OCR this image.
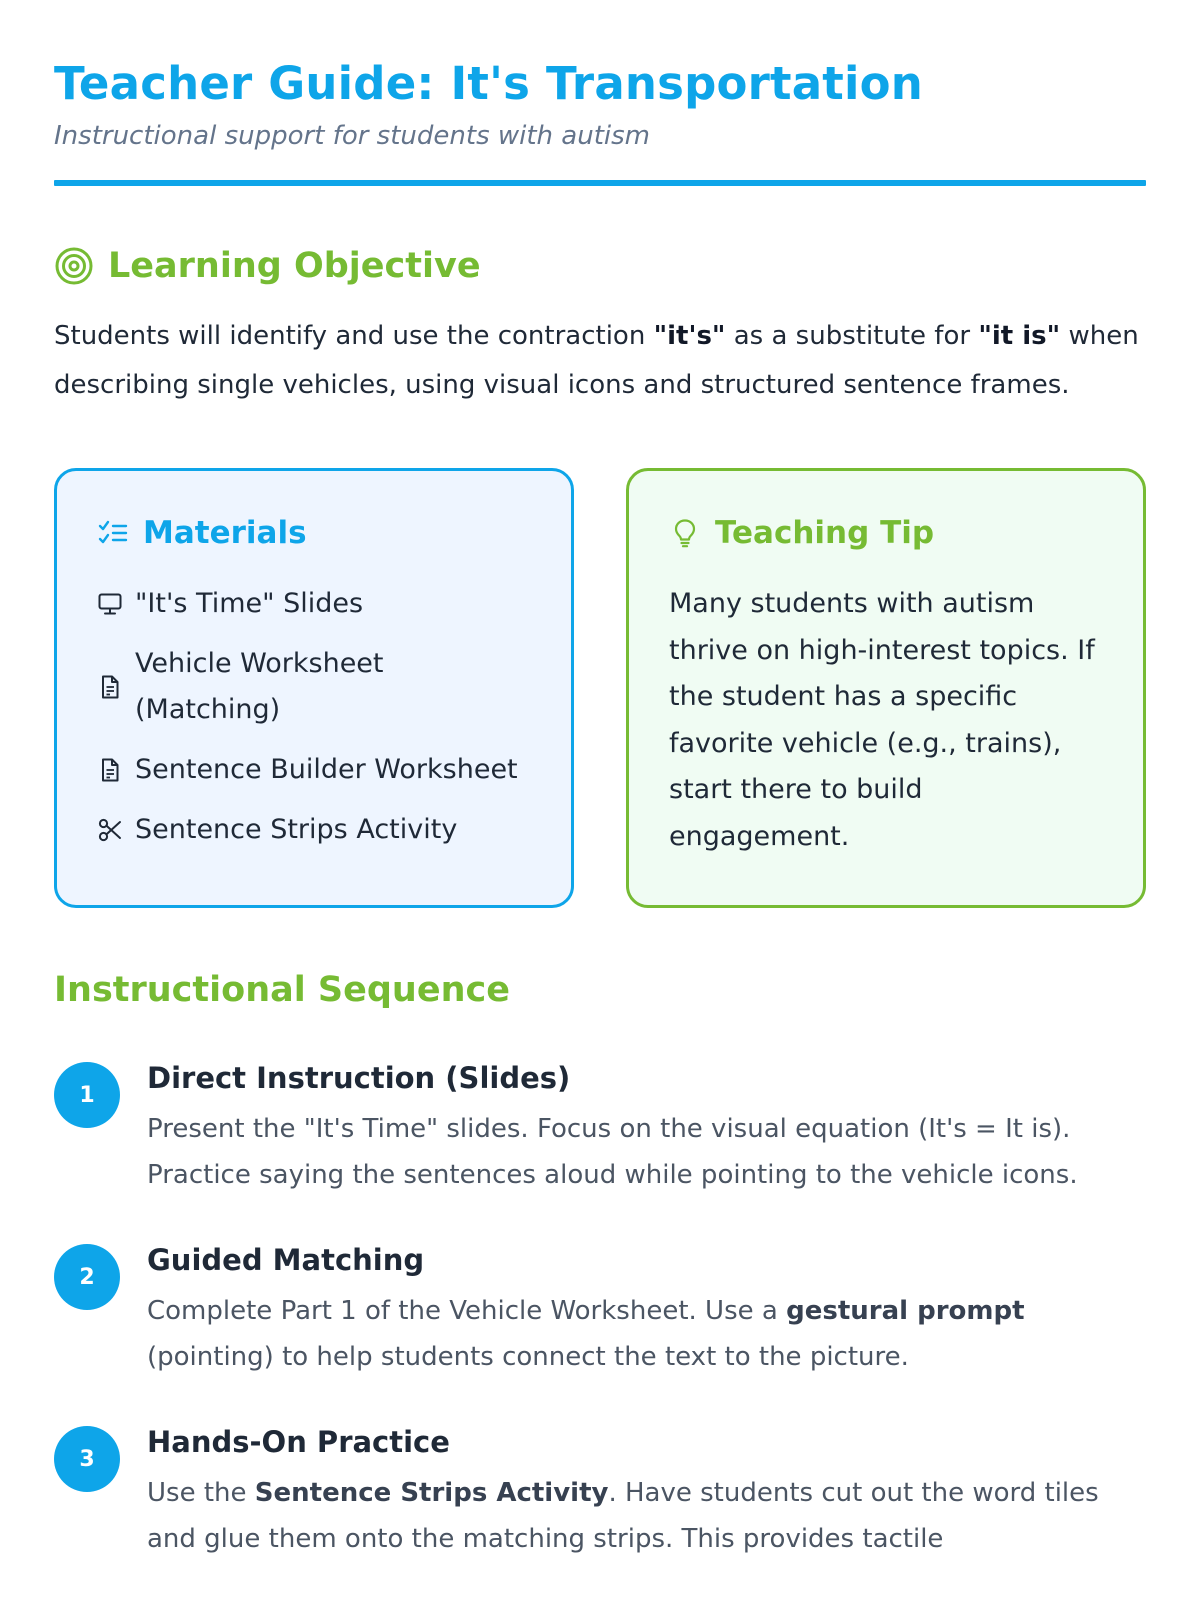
Teacher Guide: It's Transportation

Instructional support for students with autism

Learning Objective

Students will identify and use the contraction "it's" as a substitute for "it is" when describing single vehicles, using visual icons and structured sentence frames.

Materials
"It's Time" Slides
Vehicle Worksheet (Matching)
Sentence Builder Worksheet
Sentence Strips Activity
Teaching Tip

Many students with autism thrive on high-interest topics. If the student has a specific favorite vehicle (e.g., trains), start there to build engagement.

Instructional Sequence
1	Direct Instruction (Slides)

Present the "It's Time" slides. Focus on the visual equation (It's = It is). Practice saying the sentences aloud while pointing to the vehicle icons.

2	Guided Matching

Complete Part 1 of the Vehicle Worksheet. Use a gestural prompt (pointing) to help students connect the text to the picture.

3	Hands-On Practice

Use the Sentence Strips Activity. Have students cut out the word tiles and glue them onto the matching strips. This provides tactile
